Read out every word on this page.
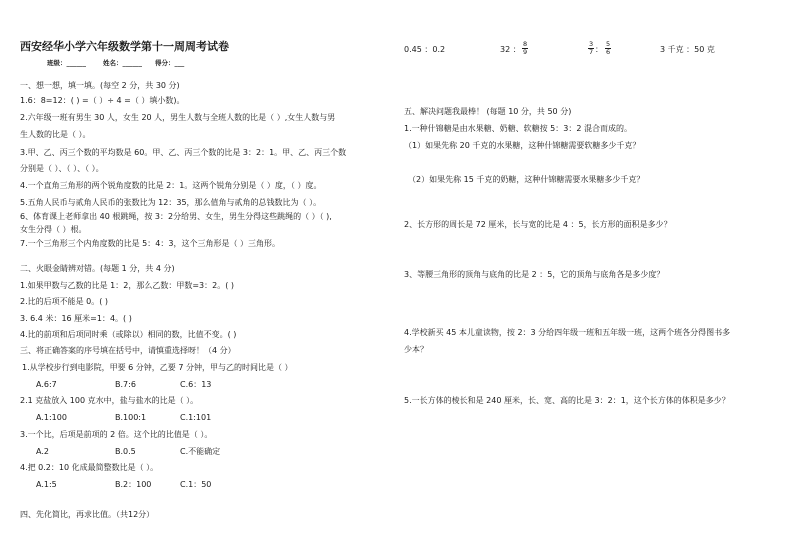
西安经华小学六年级数学第十一周周考试卷
班级：______	姓名：______ 得分：___
一、想一想，填一填。(每空 2 分，共 30 分)
1.6：8=12：( ) =（ ）÷ 4 =（ ）填小数)。
2.六年级一班有男生 30 人，女生 20 人，男生人数与全班人数的比是（ ）,女生人数与男
生人数的比是（ ）。
3.甲、乙、丙三个数的平均数是 60。甲、乙、丙三个数的比是 3：2：1。甲、乙、丙三个数
分别是（ ）、（ ）、（ ）。
4.一个直角三角形的两个锐角度数的比是 2：1。这两个锐角分别是（ ）度，（ ）度。
5.五角人民币与贰角人民币的张数比为 12：35，那么值角与贰角的总钱数比为（ ）。
6、体育课上老师拿出 40 根跳绳，按 3：2分给男、女生，男生分得这些跳绳的（ ）（ ),
女生分得（ ）根。
7.一个三角形三个内角度数的比是 5：4：3，这个三角形是（ ）三角形。
二、火眼金睛辨对错。(每题 1 分，共 4 分)
1.如果甲数与乙数的比是 1：2，那么乙数：甲数=3：2。( )
2.比的后项不能是 0。( )
3. 6.4 米：16 厘米=1：4。( )
4.比的前项和后项同时乘（或除以）相同的数，比值不变。( )
三、将正确答案的序号填在括号中，请慎重选择呀！（4 分）
1.从学校步行到电影院，甲要 6 分钟，乙要 7 分钟，甲与乙的时间比是（ ）
A.6:7	B.7:6	C.6：13
2.1 克盐放入 100 克水中，盐与盐水的比是（ ）。
A.1:100	B.100:1	C.1:101
3.一个比，后项是前项的 2 倍。这个比的比值是（ ）。
A.2	B.0.5	C.不能确定
4.把 0.2：10 化成最简整数比是（ ）。
A.1:5	B.2：100	C.1：50
四、先化简比，再求比值。（共12分）
0.45 ：0.2	32 ： $\frac{8}{9}$	$\frac{3}{7}$ ： $\frac{5}{6}$	3 千克 ：50 克
五、解决问题我最棒！ (每题 10 分，共 50 分)
1.一种什锦糖是由水果糖、奶糖、软糖按 5：3：2 混合而成的。
（1）如果先称 20 千克的水果糖，这种什锦糖需要软糖多少千克？
（2）如果先称 15 千克的奶糖，这种什锦糖需要水果糖多少千克？
2、长方形的周长是 72 厘米，长与宽的比是 4 ：5，长方形的面积是多少？
3、等腰三角形的顶角与底角的比是 2 ：5，它的顶角与底角各是多少度？
4.学校新买 45 本儿童读物，按 2：3 分给四年级一班和五年级一班，这两个班各分得图书多
少本？
5.一长方体的棱长和是 240 厘米，长、宽、高的比是 3：2：1，这个长方体的体积是多少？
